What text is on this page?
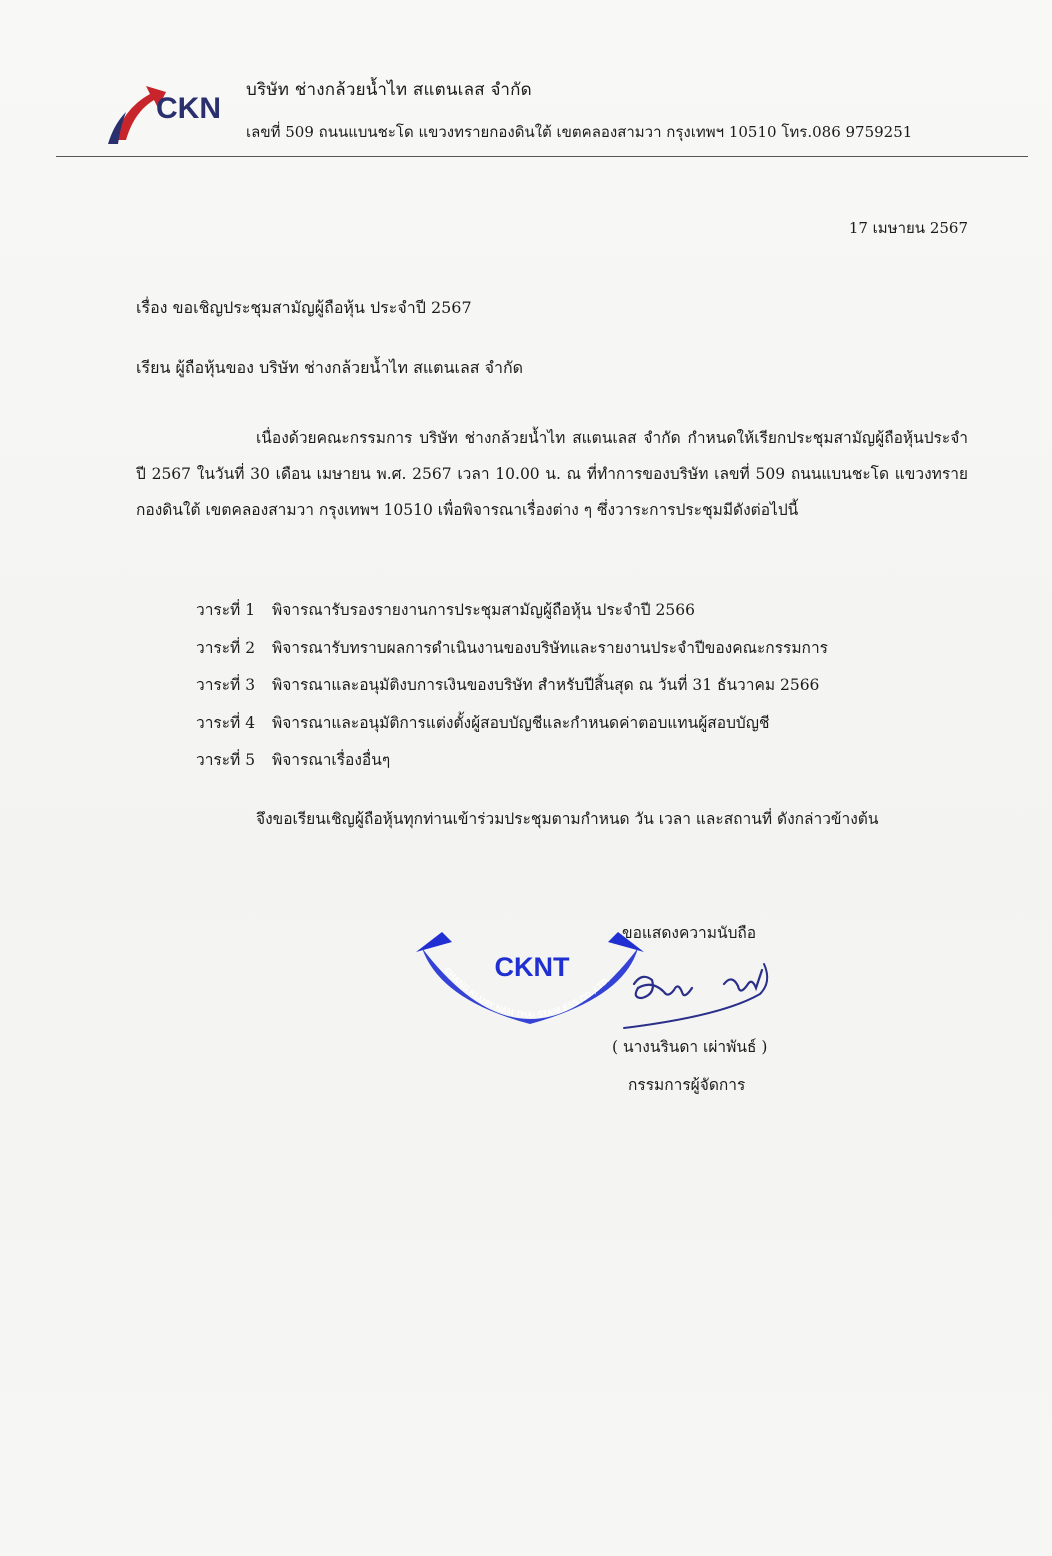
CKN
บริษัท ช่างกล้วยน้ำไท สแตนเลส จำกัด
เลขที่ 509 ถนนแบนชะโด แขวงทรายกองดินใต้ เขตคลองสามวา กรุงเทพฯ 10510 โทร.086 9759251
17 เมษายน 2567
เรื่อง ขอเชิญประชุมสามัญผู้ถือหุ้น ประจำปี 2567
เรียน ผู้ถือหุ้นของ บริษัท ช่างกล้วยน้ำไท สแตนเลส จำกัด
เนื่องด้วยคณะกรรมการ บริษัท ช่างกล้วยน้ำไท สแตนเลส จำกัด กำหนดให้เรียกประชุมสามัญผู้ถือหุ้นประจำปี 2567 ในวันที่ 30 เดือน เมษายน พ.ศ. 2567 เวลา 10.00 น. ณ ที่ทำการของบริษัท เลขที่ 509 ถนนแบนชะโด แขวงทรายกองดินใต้ เขตคลองสามวา กรุงเทพฯ 10510 เพื่อพิจารณาเรื่องต่าง ๆ ซึ่งวาระการประชุมมีดังต่อไปนี้
วาระที่ 1 พิจารณารับรองรายงานการประชุมสามัญผู้ถือหุ้น ประจำปี 2566
วาระที่ 2 พิจารณารับทราบผลการดำเนินงานของบริษัทและรายงานประจำปีของคณะกรรมการ
วาระที่ 3 พิจารณาและอนุมัติงบการเงินของบริษัท สำหรับปีสิ้นสุด ณ วันที่ 31 ธันวาคม 2566
วาระที่ 4 พิจารณาและอนุมัติการแต่งตั้งผู้สอบบัญชีและกำหนดค่าตอบแทนผู้สอบบัญชี
วาระที่ 5 พิจารณาเรื่องอื่นๆ
จึงขอเรียนเชิญผู้ถือหุ้นทุกท่านเข้าร่วมประชุมตามกำหนด วัน เวลา และสถานที่ ดังกล่าวข้างต้น
CKNT
CHANG KLUAY NAM THAI STANLESS CO.,LTD.
ขอแสดงความนับถือ
( นางนรินดา เผ่าพันธ์ )
กรรมการผู้จัดการ
